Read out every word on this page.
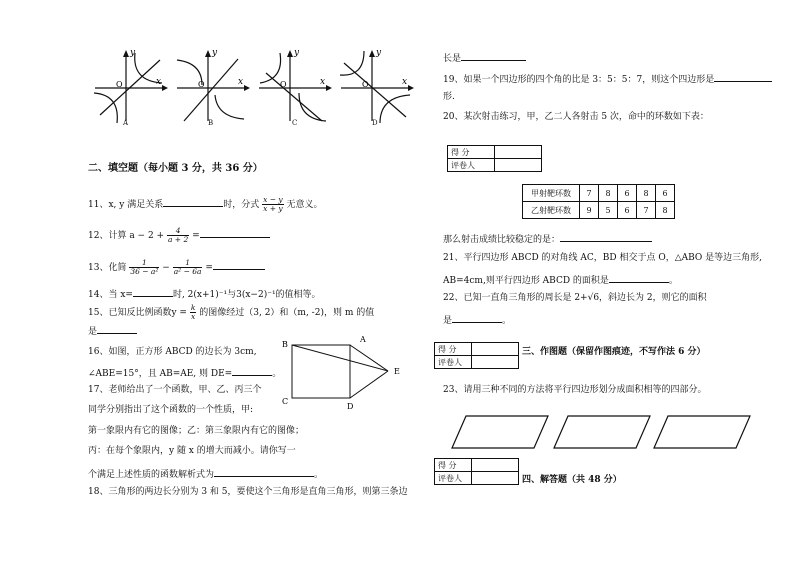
y
x
O
y
x
O
y
x
O
y
x
O
A	B	C	D
二、填空题（每小题 3 分，共 36 分）
11、x, y 满足关系	时，分式 $\frac{x - y}{x + y}$ 无意义。
12、计算 $a - 2 + \frac{4}{a + 2}$ =
13、化简 $\frac{1}{\text{36 − a²}} - \frac{1}{\text{a² − 6a}}$ =
14、当 x=	时, 2(x+1)⁻¹与3(x−2)⁻¹的值相等。
15、已知反比例函数$y = \frac{k}{x}$ 的图像经过（3, 2）和（m, -2)，则 m 的值
是
16、如图，正方形 ABCD 的边长为 3cm,
∠ABE=15°，且 AB=AE, 则 DE=	。
17、老师给出了一个函数，甲、乙、丙三个
同学分别指出了这个函数的一个性质，甲:
第一象限内有它的图像；乙：第三象限内有它的图像；
丙：在每个象限内，y 随 x 的增大而减小。请你写一
个满足上述性质的函数解析式为	。
18、三角形的两边长分别为 3 和 5，要使这个三角形是直角三角形，则第三条边
B
A
C
D
E
长是
19、如果一个四边形的四个角的比是 3：5：5：7，则这个四边形是
形.
20、某次射击练习，甲，乙二人各射击 5 次，命中的环数如下表：
得 分	
评卷人	
甲射靶环数	7	8	6	8	6
乙射靶环数	9	5	6	7	8
那么射击成绩比较稳定的是：
21、平行四边形 ABCD 的对角线 AC，BD 相交于点 O，△ABO 是等边三角形,
AB=4cm,则平行四边形 ABCD 的面积是	。
22、已知一直角三角形的周长是 2+√6，斜边长为 2，则它的面积
是	。
得 分	
评卷人	
三、作图题（保留作图痕迹，不写作法 6 分）
23、请用三种不同的方法将平行四边形划分成面积相等的四部分。
得 分	
评卷人		四、解答题（共 48 分）
